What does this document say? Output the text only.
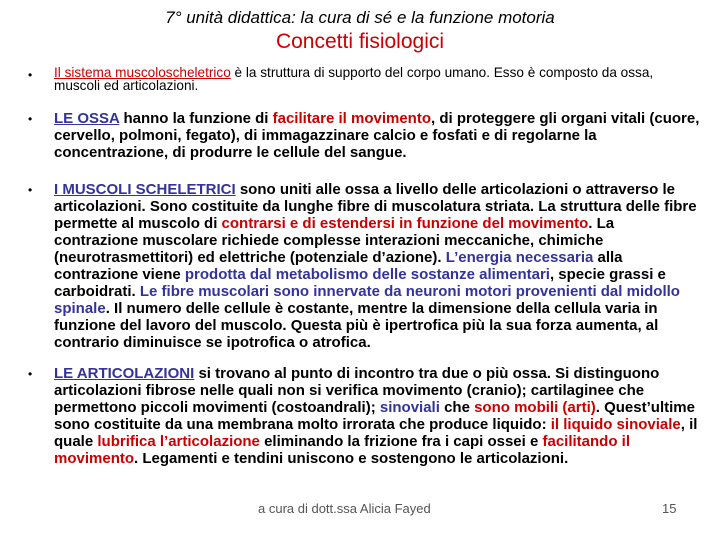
7° unità didattica: la cura di sé e la funzione motoria
Concetti fisiologici
• Il sistema muscoloscheletrico è la struttura di supporto del corpo umano. Esso è composto da ossa, muscoli ed articolazioni.
• LE OSSA hanno la funzione di facilitare il movimento, di proteggere gli organi vitali (cuore, cervello, polmoni, fegato), di immagazzinare calcio e fosfati e di regolarne la concentrazione, di produrre le cellule del sangue.
• I MUSCOLI SCHELETRICI sono uniti alle ossa a livello delle articolazioni o attraverso le articolazioni. Sono costituite da lunghe fibre di muscolatura striata. La struttura delle fibre permette al muscolo di contrarsi e di estendersi in funzione del movimento. La contrazione muscolare richiede complesse interazioni meccaniche, chimiche (neurotrasmettitori) ed elettriche (potenziale d’azione). L’energia necessaria alla contrazione viene prodotta dal metabolismo delle sostanze alimentari, specie grassi e carboidrati. Le fibre muscolari sono innervate da neuroni motori provenienti dal midollo spinale. Il numero delle cellule è costante, mentre la dimensione della cellula varia in funzione del lavoro del muscolo. Questa più è ipertrofica più la sua forza aumenta, al contrario diminuisce se ipotrofica o atrofica.
• LE ARTICOLAZIONI si trovano al punto di incontro tra due o più ossa. Si distinguono articolazioni fibrose nelle quali non si verifica movimento (cranio); cartilaginee che permettono piccoli movimenti (costoandrali); sinoviali che sono mobili (arti). Quest’ultime sono costituite da una membrana molto irrorata che produce liquido: il liquido sinoviale, il quale lubrifica l’articolazione eliminando la frizione fra i capi ossei e facilitando il movimento. Legamenti e tendini uniscono e sostengono le articolazioni.
a cura di dott.ssa Alicia Fayed	15
